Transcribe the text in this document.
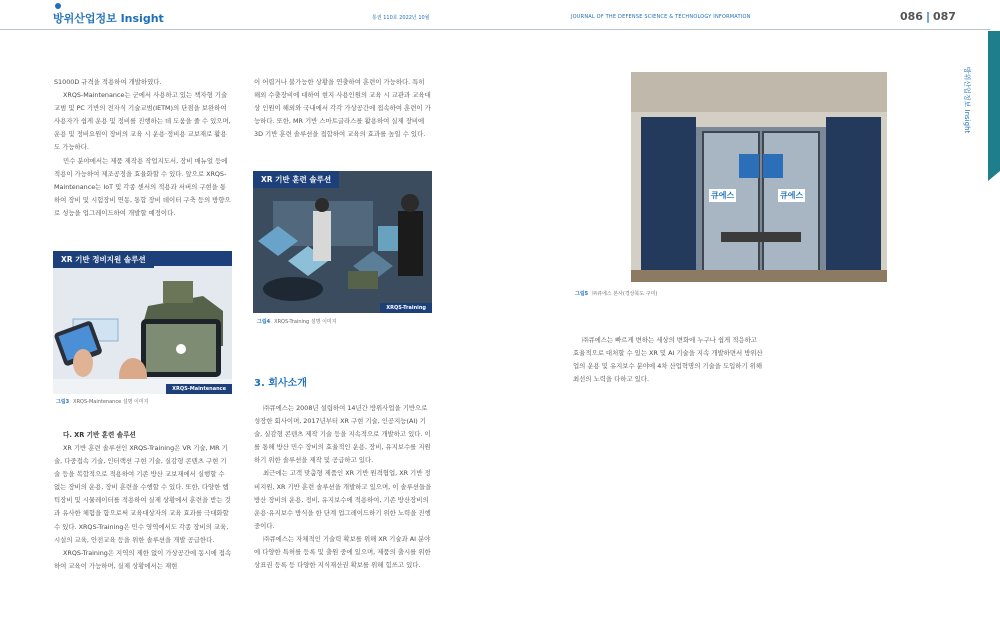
방위산업정보 Insight	통권 110호 2022년 10월	JOURNAL OF THE DEFENSE SCIENCE & TECHNOLOGY INFORMATION	086 | 087
방위산업정보 Insight

S1000D 규격을 적용하여 개발하였다.

XRQS-Maintenance는 군에서 사용하고 있는 책자형 기술교범 및 PC 기반의 전자식 기술교범(IETM)의 단점을 보완하여 사용자가 쉽게 운용 및 정비를 진행하는 데 도움을 줄 수 있으며, 운용 및 정비요원이 장비의 교육 시 운용·정비용 교보재로 활용도 가능하다.

민수 분야에서는 제품 제작용 작업지도서, 장비 매뉴얼 등에 적용이 가능하여 제조공정을 효율화할 수 있다. 앞으로 XRQS-Maintenance는 IoT 및 각종 센서의 적용과 서버의 구현을 통하여 장비 및 시험장비 연동, 통합 장비 데이터 구축 등의 방향으로 성능을 업그레이드하여 개발할 예정이다.

XR 기반 정비지원 솔루션
XRQS-Maintenance
그림3 XRQS-Maintenance 설명 이미지
다. XR 기반 훈련 솔루션

XR 기반 훈련 솔루션인 XRQS-Training은 VR 기술, MR 기술, 다중접속 기술, 인터랙션 구현 기술, 실감형 콘텐츠 구현 기술 등을 복합적으로 적용하여 기존 방산 교보재에서 실행할 수 없는 장비의 운용, 장비 훈련을 수행할 수 있다. 또한, 다양한 햅틱장비 및 시뮬레이터를 적용하여 실제 상황에서 훈련을 받는 것과 유사한 체험을 함으로써 교육대상자의 교육 효과를 극대화할 수 있다. XRQS-Training은 민수 영역에서도 각종 장비의 교육, 시설의 교육, 안전교육 등을 위한 솔루션을 개발 공급한다.

XRQS-Training은 지역의 제한 없이 가상공간에 동시에 접속하여 교육이 가능하며, 실제 상황에서는 재현

이 어렵거나 불가능한 상황을 연출하여 훈련이 가능하다. 특히 해외 수출장비에 대하여 현지 사용인원의 교육 시 교관과 교육대상 인원이 해외와 국내에서 각각 가상공간에 접속하여 훈련이 가능하다. 또한, MR 기반 스마트글라스를 활용하여 실제 장비에 3D 기반 훈련 솔루션을 접합하여 교육의 효과를 높일 수 있다.

XR 기반 훈련 솔루션
XRQS-Training
그림4 XRQS-Training 설명 이미지
3. 회사소개

㈜큐에스는 2008년 설립하여 14년간 방위사업을 기반으로 성장한 회사이며, 2017년부터 XR 구현 기술, 인공지능(AI) 기술, 실감형 콘텐츠 제작 기술 등을 지속적으로 개발하고 있다. 이를 통해 방산 민수 장비의 효율적인 운용, 장비, 유지보수를 지원하기 위한 솔루션을 제작 및 공급하고 있다.

최근에는 고객 맞춤형 제품인 XR 기반 원격협업, XR 기반 정비지원, XR 기반 훈련 솔루션을 개발하고 있으며, 이 솔루션들을 방산 장비의 운용, 정비, 유지보수에 적용하여, 기존 방산장비의 운용·유지보수 방식을 한 단계 업그레이드하기 위한 노력을 진행 중이다.

㈜큐에스는 자체적인 기술력 확보를 위해 XR 기술과 AI 분야에 다양한 특허를 등록 및 출원 중에 있으며, 제품의 출시를 위한 상표권 등록 등 다양한 지식재산권 확보를 위해 힘쓰고 있다.

큐에스	큐에스
그림5 ㈜큐에스 본사(경상북도 구미)

㈜큐에스는 빠르게 변하는 세상의 변화에 누구나 쉽게 적응하고 효율적으로 대처할 수 있는 XR 및 AI 기술을 지속 개발하면서 방위산업의 운용 및 유지보수 분야에 4차 산업혁명의 기술을 도입하기 위해 최선의 노력을 다하고 있다.
